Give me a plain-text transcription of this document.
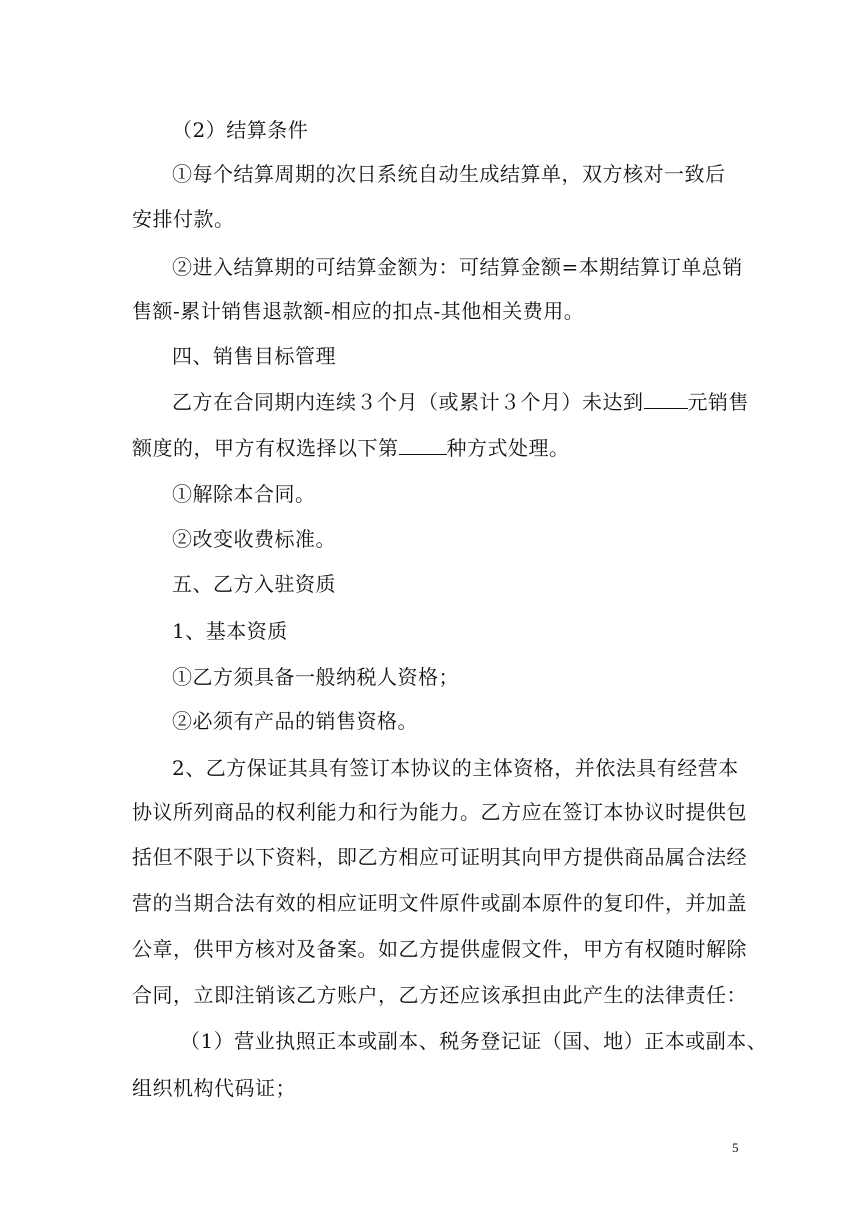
（2）结算条件
①每个结算周期的次日系统自动生成结算单，双方核对一致后
安排付款。
②进入结算期的可结算金额为：可结算金额=本期结算订单总销
售额-累计销售退款额-相应的扣点-其他相关费用。
四、销售目标管理
乙方在合同期内连续３个月（或累计３个月）未达到 元销售
额度的，甲方有权选择以下第 种方式处理。
①解除本合同。
②改变收费标准。
五、乙方入驻资质
1、基本资质
①乙方须具备一般纳税人资格；
②必须有产品的销售资格。
2、乙方保证其具有签订本协议的主体资格，并依法具有经营本
协议所列商品的权利能力和行为能力。乙方应在签订本协议时提供包
括但不限于以下资料，即乙方相应可证明其向甲方提供商品属合法经
营的当期合法有效的相应证明文件原件或副本原件的复印件，并加盖
公章，供甲方核对及备案。如乙方提供虚假文件，甲方有权随时解除
合同，立即注销该乙方账户，乙方还应该承担由此产生的法律责任：
（1）营业执照正本或副本、税务登记证（国、地）正本或副本、
组织机构代码证；
5
